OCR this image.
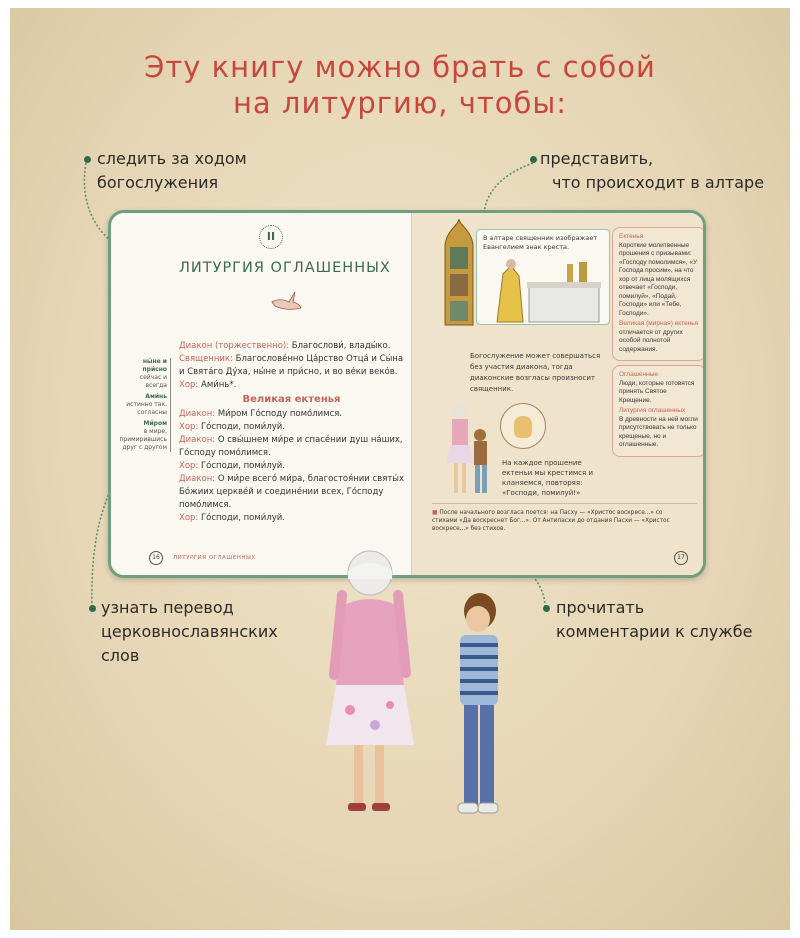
Эту книгу можно брать с собой
на литургию, чтобы:
следить за ходом
богослужения
представить,
что происходит в алтаре
узнать перевод
церковнославянских
слов
прочитать
комментарии к службе
II
ЛИТУРГИЯ ОГЛАШЕННЫХ
Диакон (торжественно): Благослови́, влады́ко.
Священник: Благослове́нно Ца́рство Отца́ и Сы́на и Свята́го Ду́ха, ны́не и при́сно, и во ве́ки веко́в.
Хор: Ами́нь*.
Великая ектенья
Диакон: Ми́ром Го́споду помо́лимся.
Хор: Го́споди, поми́луй.
Диакон: О свы́шнем ми́ре и спасе́нии душ на́ших, Го́споду помо́лимся.
Хор: Го́споди, поми́луй.
Диакон: О ми́ре всего́ ми́ра, благостоя́нии святы́х Бо́жиих церкве́й и соедине́нии всех, Го́споду помо́лимся.
Хор: Го́споди, поми́луй.
ны́не и при́сно
сейчас и всегда
Ами́нь
истинно так, согласны
Ми́ром
в мире, примирившись друг с другом
16	ЛИТУРГИЯ ОГЛАШЕННЫХ
В алтаре священник изображает Евангелием знак креста.
Ектенья
Короткие молитвенные прошения с призывами: «Господу помолимся», «У Господа просим», на что хор от лица молящихся отвечает «Господи, помилуй», «Подай, Господи» или «Тебе, Господи».
Великая (мирная) ектенья
отличается от других особой полнотой содержания.
Оглашенные
Люди, которые готовятся принять Святое Крещение.
Литургия оглашенных
В древности на ней могли присутствовать не только крещеные, но и оглашенные.
Богослужение может совершаться без участия диакона, тогда диаконские возгласы произносит священник.
На каждое прошение ектеньи мы крестимся и кланяемся, повторяя: «Господи, помилуй!»
■ После начального возгласа поется: на Пасху — «Христос воскресе...» со стихами «Да воскреснет Бог...». От Антипасхи до отдания Пасхи — «Христос воскресе...» без стихов.
17
